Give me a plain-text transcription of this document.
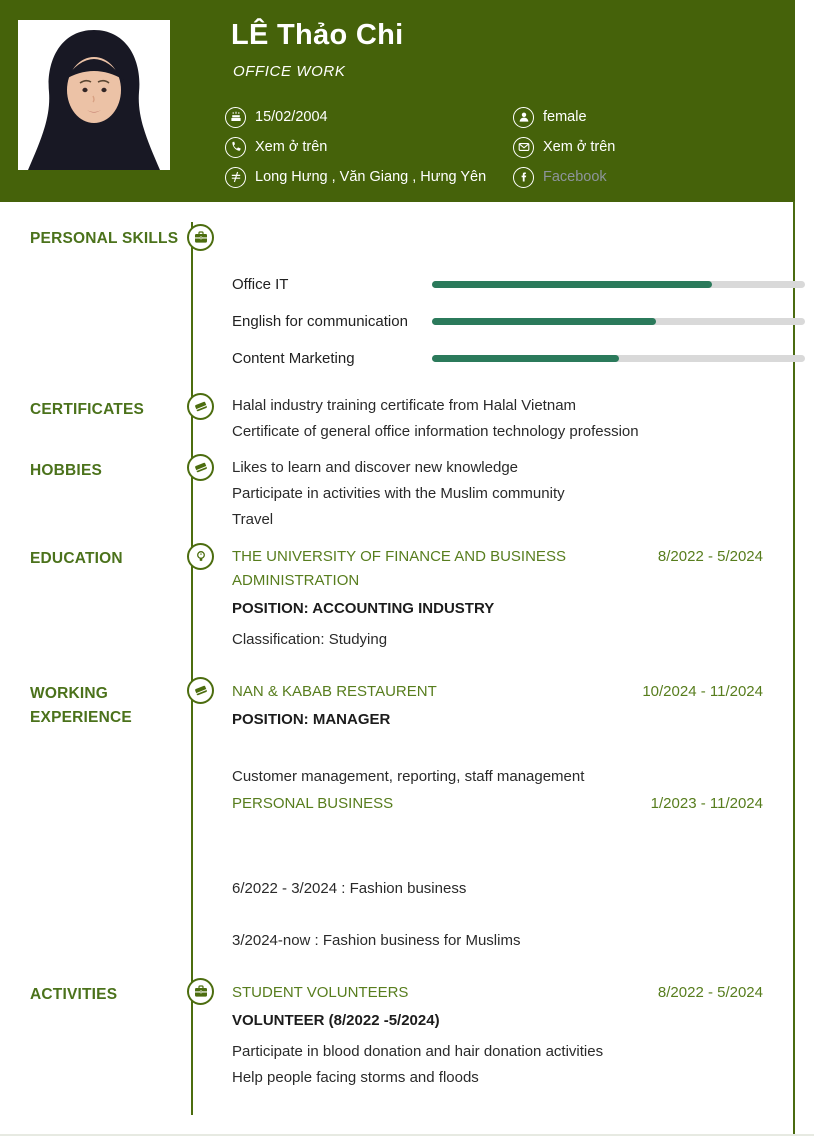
LÊ Thảo Chi
OFFICE WORK
15/02/2004
Xem ở trên
Long Hưng , Văn Giang , Hưng Yên
female
Xem ở trên
Facebook
PERSONAL SKILLS
CERTIFICATES
HOBBIES
EDUCATION
WORKING EXPERIENCE
ACTIVITIES
Office IT
English for communication
Content Marketing
Halal industry training certificate from Halal Vietnam
Certificate of general office information technology profession
Likes to learn and discover new knowledge
Participate in activities with the Muslim community
Travel
THE UNIVERSITY OF FINANCE AND BUSINESS ADMINISTRATION
8/2022 - 5/2024
POSITION: ACCOUNTING INDUSTRY
Classification: Studying
NAN & KABAB RESTAURENT	10/2024 - 11/2024
POSITION: MANAGER
Customer management, reporting, staff management
PERSONAL BUSINESS	1/2023 - 11/2024
6/2022 - 3/2024 : Fashion business
3/2024-now : Fashion business for Muslims
STUDENT VOLUNTEERS	8/2022 - 5/2024
VOLUNTEER (8/2022 -5/2024)
Participate in blood donation and hair donation activities
Help people facing storms and floods
